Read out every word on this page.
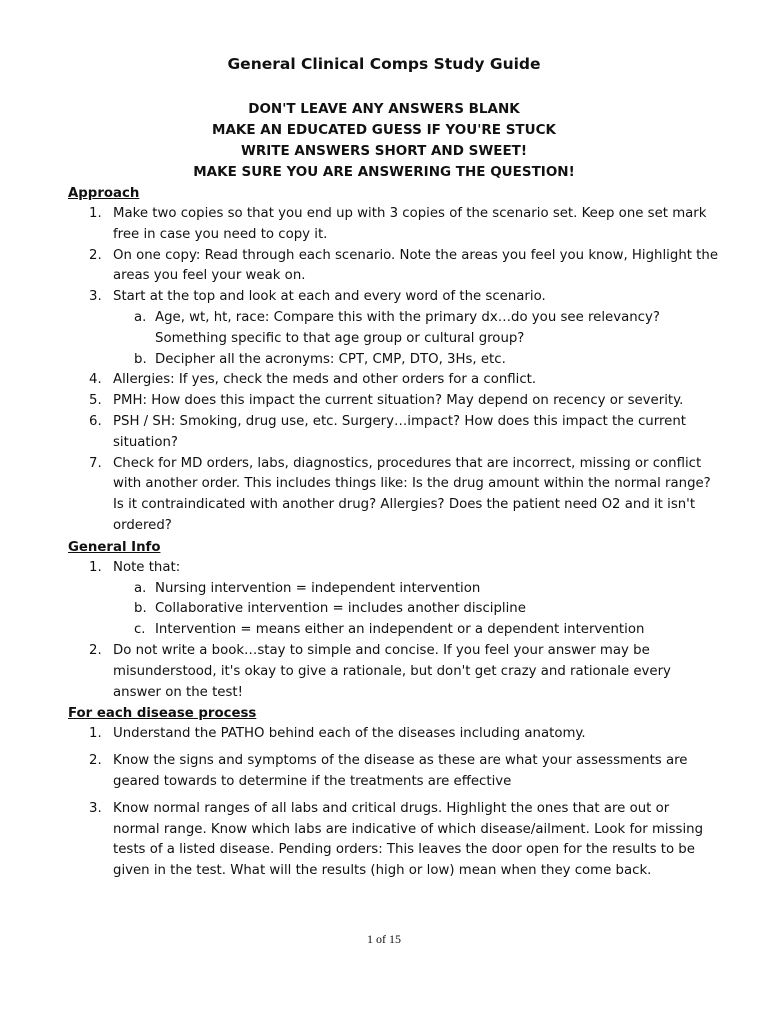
General Clinical Comps Study Guide
DON'T LEAVE ANY ANSWERS BLANK
MAKE AN EDUCATED GUESS IF YOU'RE STUCK
WRITE ANSWERS SHORT AND SWEET!
MAKE SURE YOU ARE ANSWERING THE QUESTION!
Approach
1. Make two copies so that you end up with 3 copies of the scenario set. Keep one set mark free in case you need to copy it.
2. On one copy: Read through each scenario. Note the areas you feel you know, Highlight the areas you feel your weak on.
3. Start at the top and look at each and every word of the scenario.
a. Age, wt, ht, race: Compare this with the primary dx…do you see relevancy? Something specific to that age group or cultural group?
b. Decipher all the acronyms: CPT, CMP, DTO, 3Hs, etc.
4. Allergies: If yes, check the meds and other orders for a conflict.
5. PMH: How does this impact the current situation? May depend on recency or severity.
6. PSH / SH: Smoking, drug use, etc. Surgery…impact? How does this impact the current situation?
7. Check for MD orders, labs, diagnostics, procedures that are incorrect, missing or conflict with another order. This includes things like: Is the drug amount within the normal range? Is it contraindicated with another drug? Allergies? Does the patient need O2 and it isn't ordered?
General Info
1. Note that:
a. Nursing intervention = independent intervention
b. Collaborative intervention = includes another discipline
c. Intervention = means either an independent or a dependent intervention
2. Do not write a book…stay to simple and concise. If you feel your answer may be misunderstood, it's okay to give a rationale, but don't get crazy and rationale every answer on the test!
For each disease process
1. Understand the PATHO behind each of the diseases including anatomy.
2. Know the signs and symptoms of the disease as these are what your assessments are geared towards to determine if the treatments are effective
3. Know normal ranges of all labs and critical drugs. Highlight the ones that are out or normal range. Know which labs are indicative of which disease/ailment. Look for missing tests of a listed disease. Pending orders: This leaves the door open for the results to be given in the test. What will the results (high or low) mean when they come back.
1 of 15
